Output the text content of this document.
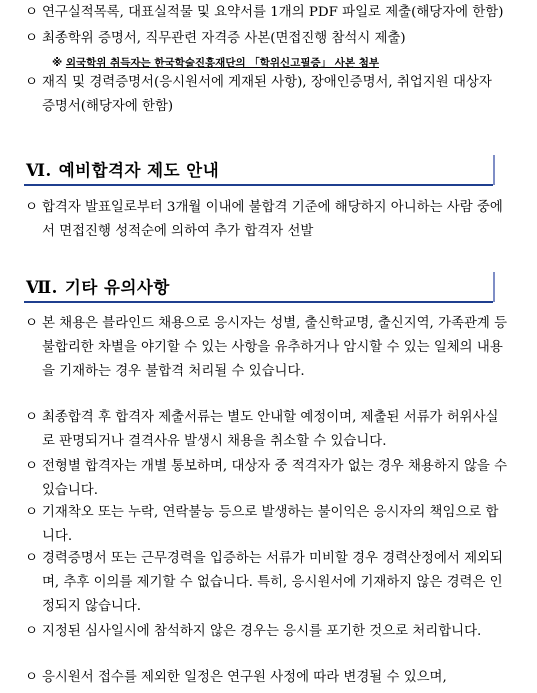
ㅇ 연구실적목록, 대표실적물 및 요약서를 1개의 PDF 파일로 제출(해당자에 한함)
ㅇ 최종학위 증명서, 직무관련 자격증 사본(면접진행 참석시 제출)
※ 외국학위 취득자는 한국학술진흥재단의 「학위신고필증」 사본 첨부
ㅇ 재직 및 경력증명서(응시원서에 게재된 사항), 장애인증명서, 취업지원 대상자 증명서(해당자에 한함)
Ⅵ. 예비합격자 제도 안내
ㅇ 합격자 발표일로부터 3개월 이내에 불합격 기준에 해당하지 아니하는 사람 중에서 면접진행 성적순에 의하여 추가 합격자 선발
Ⅶ. 기타 유의사항
ㅇ 본 채용은 블라인드 채용으로 응시자는 성별, 출신학교명, 출신지역, 가족관계 등 불합리한 차별을 야기할 수 있는 사항을 유추하거나 암시할 수 있는 일체의 내용을 기재하는 경우 불합격 처리될 수 있습니다.
ㅇ 최종합격 후 합격자 제출서류는 별도 안내할 예정이며, 제출된 서류가 허위사실로 판명되거나 결격사유 발생시 채용을 취소할 수 있습니다.
ㅇ 전형별 합격자는 개별 통보하며, 대상자 중 적격자가 없는 경우 채용하지 않을 수 있습니다.
ㅇ 기재착오 또는 누락, 연락불능 등으로 발생하는 불이익은 응시자의 책임으로 합니다.
ㅇ 경력증명서 또는 근무경력을 입증하는 서류가 미비할 경우 경력산정에서 제외되며, 추후 이의를 제기할 수 없습니다. 특히, 응시원서에 기재하지 않은 경력은 인정되지 않습니다.
ㅇ 지정된 심사일시에 참석하지 않은 경우는 응시를 포기한 것으로 처리합니다.
ㅇ 응시원서 접수를 제외한 일정은 연구원 사정에 따라 변경될 수 있으며,
